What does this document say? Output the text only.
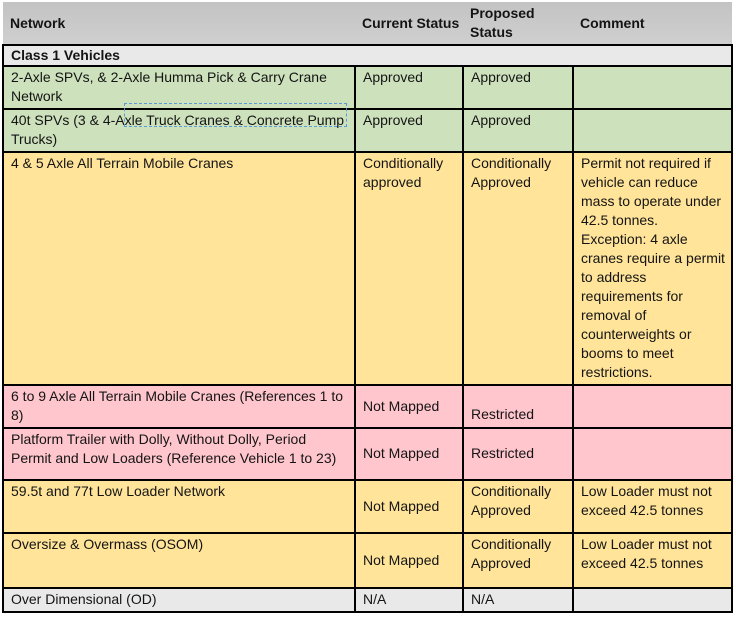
Network	Current Status	Proposed Status	Comment
Class 1 Vehicles			
2-Axle SPVs, & 2-Axle Humma Pick & Carry Crane Network	Approved	Approved	
40t SPVs (3 & 4-Axle Truck Cranes & Concrete Pump Trucks)	Approved	Approved	
4 & 5 Axle All Terrain Mobile Cranes	Conditionally approved	Conditionally Approved	Permit not required if vehicle can reduce mass to operate under 42.5 tonnes. Exception: 4 axle cranes require a permit to address requirements for removal of counterweights or booms to meet restrictions.
6 to 9 Axle All Terrain Mobile Cranes (References 1 to 8)	Not Mapped	Restricted	
Platform Trailer with Dolly, Without Dolly, Period Permit and Low Loaders (Reference Vehicle 1 to 23)	Not Mapped	Restricted	
59.5t and 77t Low Loader Network	Not Mapped	Conditionally Approved	Low Loader must not exceed 42.5 tonnes
Oversize & Overmass (OSOM)	Not Mapped	Conditionally Approved	Low Loader must not exceed 42.5 tonnes
Over Dimensional (OD)	N/A	N/A	
